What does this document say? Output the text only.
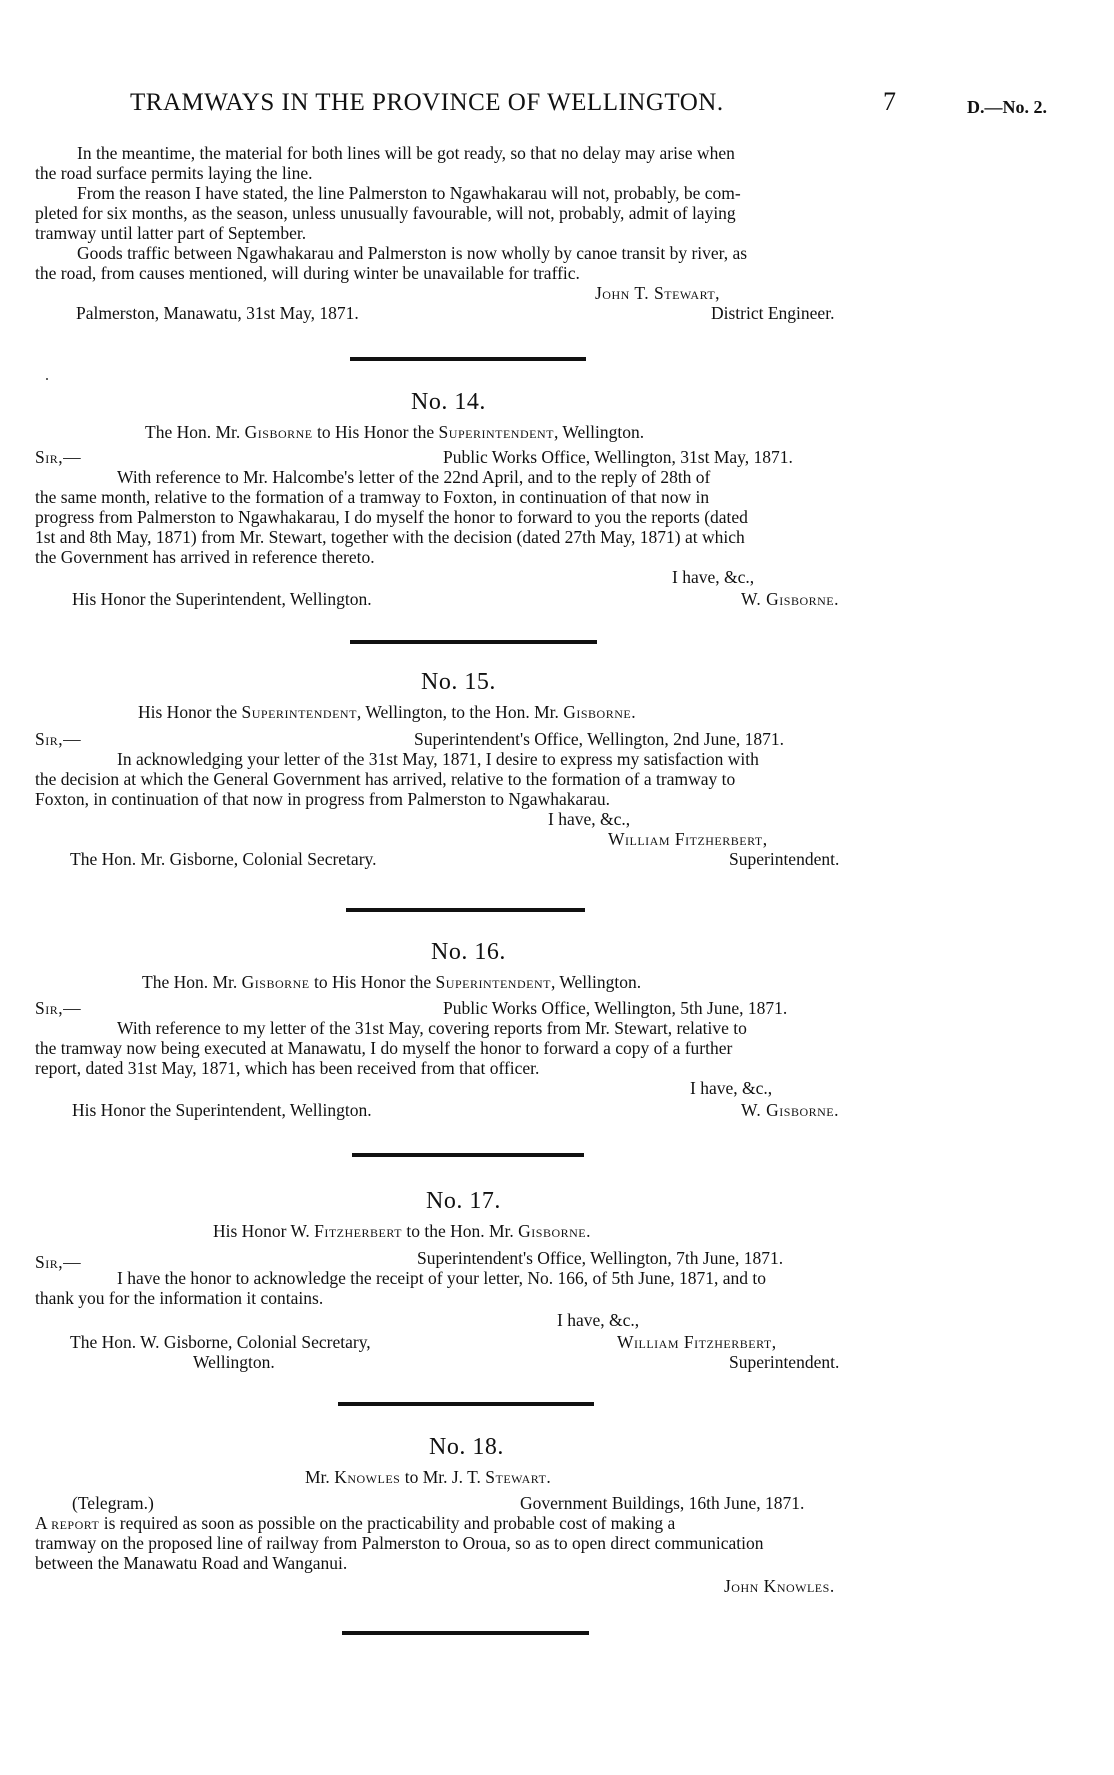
TRAMWAYS IN THE PROVINCE OF WELLINGTON.	7	D.—No. 2.
In the meantime, the material for both lines will be got ready, so that no delay may arise when
the road surface permits laying the line.
From the reason I have stated, the line Palmerston to Ngawhakarau will not, probably, be com-
pleted for six months, as the season, unless unusually favourable, will not, probably, admit of laying
tramway until latter part of September.
Goods traffic between Ngawhakarau and Palmerston is now wholly by canoe transit by river, as
the road, from causes mentioned, will during winter be unavailable for traffic.
John T. Stewart,
Palmerston, Manawatu, 31st May, 1871.	District Engineer.
No. 14.
The Hon. Mr. Gisborne to His Honor the Superintendent, Wellington.
Sir,—	Public Works Office, Wellington, 31st May, 1871.
With reference to Mr. Halcombe's letter of the 22nd April, and to the reply of 28th of
the same month, relative to the formation of a tramway to Foxton, in continuation of that now in
progress from Palmerston to Ngawhakarau, I do myself the honor to forward to you the reports (dated
1st and 8th May, 1871) from Mr. Stewart, together with the decision (dated 27th May, 1871) at which
the Government has arrived in reference thereto.
I have, &c.,
His Honor the Superintendent, Wellington.	W. Gisborne.
No. 15.
His Honor the Superintendent, Wellington, to the Hon. Mr. Gisborne.
Sir,—	Superintendent's Office, Wellington, 2nd June, 1871.
In acknowledging your letter of the 31st May, 1871, I desire to express my satisfaction with
the decision at which the General Government has arrived, relative to the formation of a tramway to
Foxton, in continuation of that now in progress from Palmerston to Ngawhakarau.
I have, &c.,
William Fitzherbert,
The Hon. Mr. Gisborne, Colonial Secretary.	Superintendent.
No. 16.
The Hon. Mr. Gisborne to His Honor the Superintendent, Wellington.
Sir,—	Public Works Office, Wellington, 5th June, 1871.
With reference to my letter of the 31st May, covering reports from Mr. Stewart, relative to
the tramway now being executed at Manawatu, I do myself the honor to forward a copy of a further
report, dated 31st May, 1871, which has been received from that officer.
I have, &c.,
His Honor the Superintendent, Wellington.	W. Gisborne.
No. 17.
His Honor W. Fitzherbert to the Hon. Mr. Gisborne.
Sir,—	Superintendent's Office, Wellington, 7th June, 1871.
I have the honor to acknowledge the receipt of your letter, No. 166, of 5th June, 1871, and to
thank you for the information it contains.
I have, &c.,
The Hon. W. Gisborne, Colonial Secretary,	William Fitzherbert,
Wellington.	Superintendent.
No. 18.
Mr. Knowles to Mr. J. T. Stewart.
(Telegram.)	Government Buildings, 16th June, 1871.
A report is required as soon as possible on the practicability and probable cost of making a
tramway on the proposed line of railway from Palmerston to Oroua, so as to open direct communication
between the Manawatu Road and Wanganui.
John Knowles.
